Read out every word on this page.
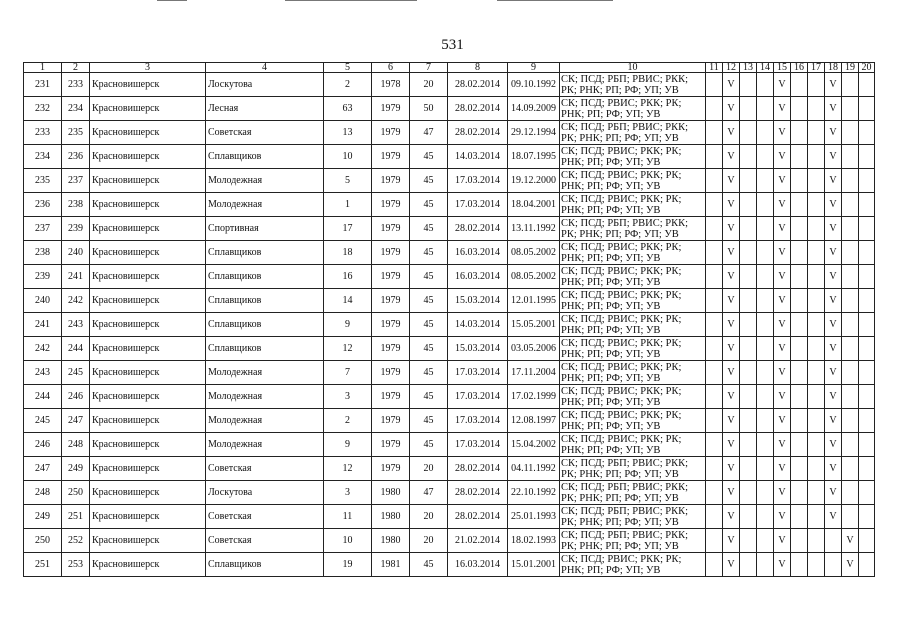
531
1	2	3	4	5	6	7	8	9	10	11	12	13	14	15	16	17	18	19	20
231	233	Красновишерск	Лоскутова	2	1978	20	28.02.2014	09.10.1992	СК; ПСД; РБП; РВИС; РКК; РК; РНК; РП; РФ; УП; УВ		V			V			V		
232	234	Красновишерск	Лесная	63	1979	50	28.02.2014	14.09.2009	СК; ПСД; РВИС; РКК; РК; РНК; РП; РФ; УП; УВ		V			V			V		
233	235	Красновишерск	Советская	13	1979	47	28.02.2014	29.12.1994	СК; ПСД; РБП; РВИС; РКК; РК; РНК; РП; РФ; УП; УВ		V			V			V		
234	236	Красновишерск	Сплавщиков	10	1979	45	14.03.2014	18.07.1995	СК; ПСД; РВИС; РКК; РК; РНК; РП; РФ; УП; УВ		V			V			V		
235	237	Красновишерск	Молодежная	5	1979	45	17.03.2014	19.12.2000	СК; ПСД; РВИС; РКК; РК; РНК; РП; РФ; УП; УВ		V			V			V		
236	238	Красновишерск	Молодежная	1	1979	45	17.03.2014	18.04.2001	СК; ПСД; РВИС; РКК; РК; РНК; РП; РФ; УП; УВ		V			V			V		
237	239	Красновишерск	Спортивная	17	1979	45	28.02.2014	13.11.1992	СК; ПСД; РБП; РВИС; РКК; РК; РНК; РП; РФ; УП; УВ		V			V			V		
238	240	Красновишерск	Сплавщиков	18	1979	45	16.03.2014	08.05.2002	СК; ПСД; РВИС; РКК; РК; РНК; РП; РФ; УП; УВ		V			V			V		
239	241	Красновишерск	Сплавщиков	16	1979	45	16.03.2014	08.05.2002	СК; ПСД; РВИС; РКК; РК; РНК; РП; РФ; УП; УВ		V			V			V		
240	242	Красновишерск	Сплавщиков	14	1979	45	15.03.2014	12.01.1995	СК; ПСД; РВИС; РКК; РК; РНК; РП; РФ; УП; УВ		V			V			V		
241	243	Красновишерск	Сплавщиков	9	1979	45	14.03.2014	15.05.2001	СК; ПСД; РВИС; РКК; РК; РНК; РП; РФ; УП; УВ		V			V			V		
242	244	Красновишерск	Сплавщиков	12	1979	45	15.03.2014	03.05.2006	СК; ПСД; РВИС; РКК; РК; РНК; РП; РФ; УП; УВ		V			V			V		
243	245	Красновишерск	Молодежная	7	1979	45	17.03.2014	17.11.2004	СК; ПСД; РВИС; РКК; РК; РНК; РП; РФ; УП; УВ		V			V			V		
244	246	Красновишерск	Молодежная	3	1979	45	17.03.2014	17.02.1999	СК; ПСД; РВИС; РКК; РК; РНК; РП; РФ; УП; УВ		V			V			V		
245	247	Красновишерск	Молодежная	2	1979	45	17.03.2014	12.08.1997	СК; ПСД; РВИС; РКК; РК; РНК; РП; РФ; УП; УВ		V			V			V		
246	248	Красновишерск	Молодежная	9	1979	45	17.03.2014	15.04.2002	СК; ПСД; РВИС; РКК; РК; РНК; РП; РФ; УП; УВ		V			V			V		
247	249	Красновишерск	Советская	12	1979	20	28.02.2014	04.11.1992	СК; ПСД; РБП; РВИС; РКК; РК; РНК; РП; РФ; УП; УВ		V			V			V		
248	250	Красновишерск	Лоскутова	3	1980	47	28.02.2014	22.10.1992	СК; ПСД; РБП; РВИС; РКК; РК; РНК; РП; РФ; УП; УВ		V			V			V		
249	251	Красновишерск	Советская	11	1980	20	28.02.2014	25.01.1993	СК; ПСД; РБП; РВИС; РКК; РК; РНК; РП; РФ; УП; УВ		V			V			V		
250	252	Красновишерск	Советская	10	1980	20	21.02.2014	18.02.1993	СК; ПСД; РБП; РВИС; РКК; РК; РНК; РП; РФ; УП; УВ		V			V				V	
251	253	Красновишерск	Сплавщиков	19	1981	45	16.03.2014	15.01.2001	СК; ПСД; РВИС; РКК; РК; РНК; РП; РФ; УП; УВ		V			V				V	
